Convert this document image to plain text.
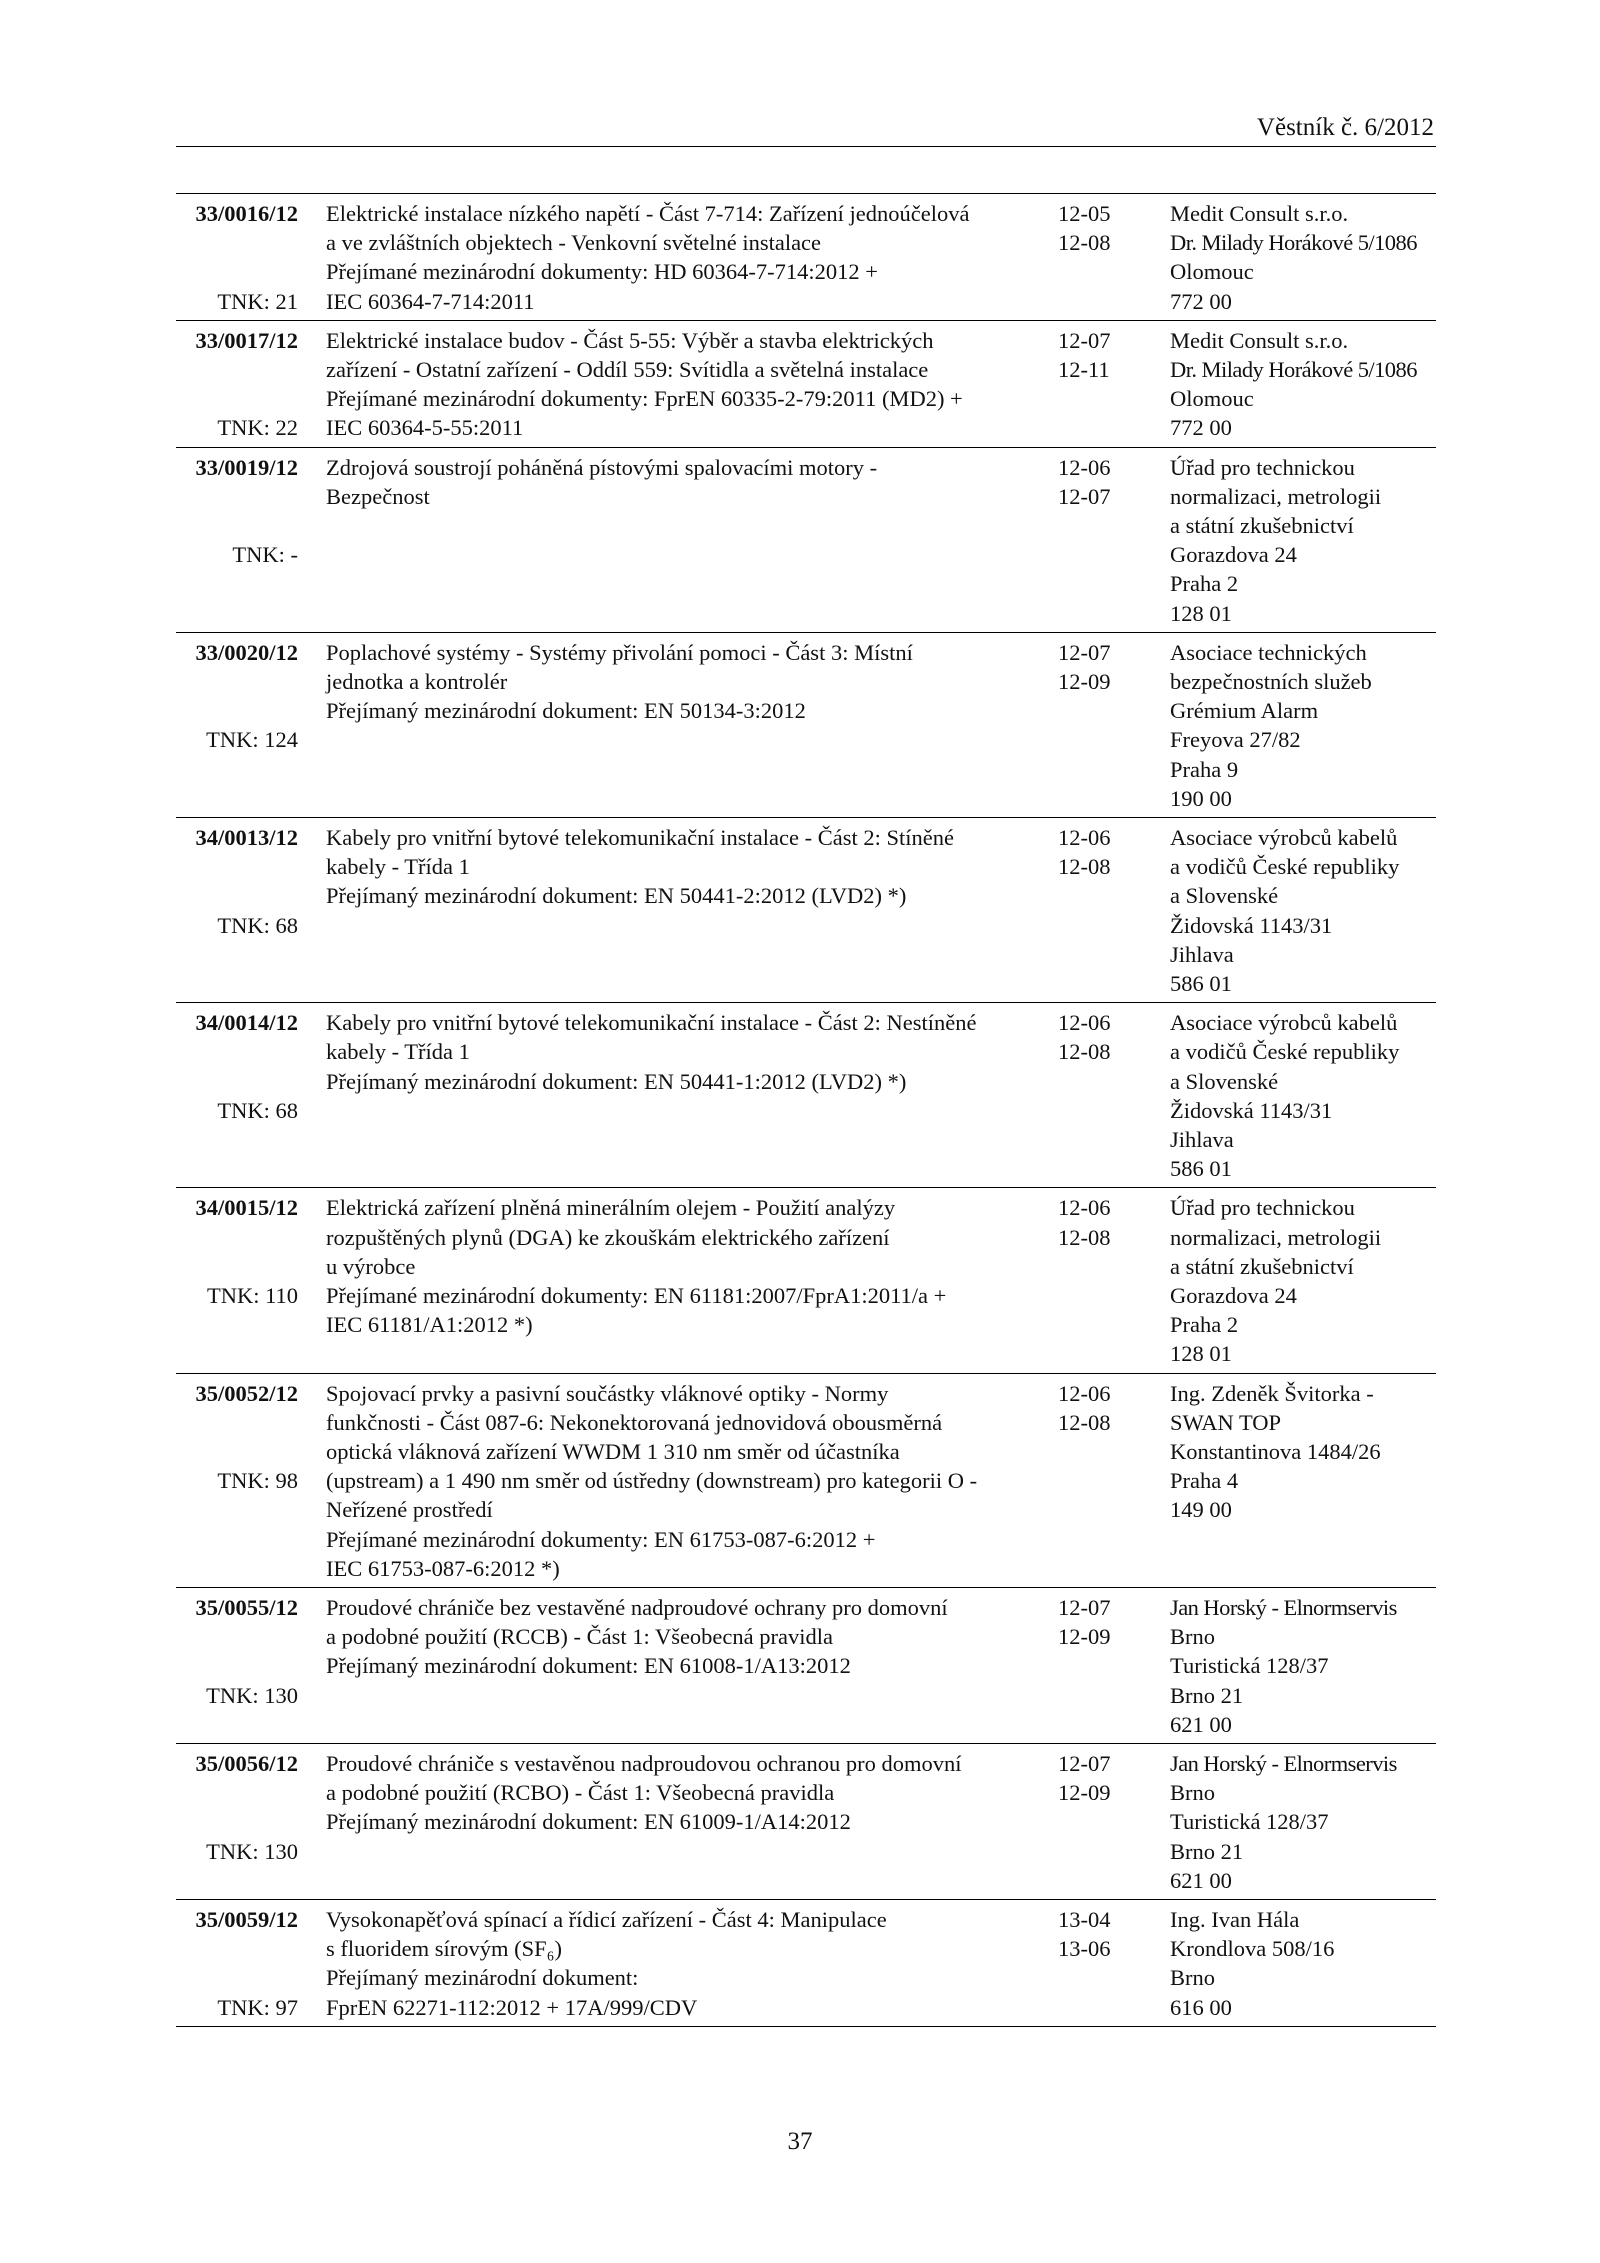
Věstník č. 6/2012
33/0016/12
TNK: 21
Elektrické instalace nízkého napětí - Část 7-714: Zařízení jednoúčelová
a ve zvláštních objektech - Venkovní světelné instalace
Přejímané mezinárodní dokumenty: HD 60364-7-714:2012 +
IEC 60364-7-714:2011
12-05
12-08
Medit Consult s.r.o.
Dr. Milady Horákové 5/1086
Olomouc
772 00
33/0017/12
TNK: 22
Elektrické instalace budov - Část 5-55: Výběr a stavba elektrických
zařízení - Ostatní zařízení - Oddíl 559: Svítidla a světelná instalace
Přejímané mezinárodní dokumenty: FprEN 60335-2-79:2011 (MD2) +
IEC 60364-5-55:2011
12-07
12-11
Medit Consult s.r.o.
Dr. Milady Horákové 5/1086
Olomouc
772 00
33/0019/12
TNK: -
Zdrojová soustrojí poháněná pístovými spalovacími motory -
Bezpečnost
12-06
12-07
Úřad pro technickou
normalizaci, metrologii
a státní zkušebnictví
Gorazdova 24
Praha 2
128 01
33/0020/12
TNK: 124
Poplachové systémy - Systémy přivolání pomoci - Část 3: Místní
jednotka a kontrolér
Přejímaný mezinárodní dokument: EN 50134-3:2012
12-07
12-09
Asociace technických
bezpečnostních služeb
Grémium Alarm
Freyova 27/82
Praha 9
190 00
34/0013/12
TNK: 68
Kabely pro vnitřní bytové telekomunikační instalace - Část 2: Stíněné
kabely - Třída 1
Přejímaný mezinárodní dokument: EN 50441-2:2012 (LVD2) *)
12-06
12-08
Asociace výrobců kabelů
a vodičů České republiky
a Slovenské
Židovská 1143/31
Jihlava
586 01
34/0014/12
TNK: 68
Kabely pro vnitřní bytové telekomunikační instalace - Část 2: Nestíněné
kabely - Třída 1
Přejímaný mezinárodní dokument: EN 50441-1:2012 (LVD2) *)
12-06
12-08
Asociace výrobců kabelů
a vodičů České republiky
a Slovenské
Židovská 1143/31
Jihlava
586 01
34/0015/12
TNK: 110
Elektrická zařízení plněná minerálním olejem - Použití analýzy
rozpuštěných plynů (DGA) ke zkouškám elektrického zařízení
u výrobce
Přejímané mezinárodní dokumenty: EN 61181:2007/FprA1:2011/a +
IEC 61181/A1:2012 *)
12-06
12-08
Úřad pro technickou
normalizaci, metrologii
a státní zkušebnictví
Gorazdova 24
Praha 2
128 01
35/0052/12
TNK: 98
Spojovací prvky a pasivní součástky vláknové optiky - Normy
funkčnosti - Část 087-6: Nekonektorovaná jednovidová obousměrná
optická vláknová zařízení WWDM 1 310 nm směr od účastníka
(upstream) a 1 490 nm směr od ústředny (downstream) pro kategorii O -
Neřízené prostředí
Přejímané mezinárodní dokumenty: EN 61753-087-6:2012 +
IEC 61753-087-6:2012 *)
12-06
12-08
Ing. Zdeněk Švitorka -
SWAN TOP
Konstantinova 1484/26
Praha 4
149 00
35/0055/12
TNK: 130
Proudové chrániče bez vestavěné nadproudové ochrany pro domovní
a podobné použití (RCCB) - Část 1: Všeobecná pravidla
Přejímaný mezinárodní dokument: EN 61008-1/A13:2012
12-07
12-09
Jan Horský - Elnormservis
Brno
Turistická 128/37
Brno 21
621 00
35/0056/12
TNK: 130
Proudové chrániče s vestavěnou nadproudovou ochranou pro domovní
a podobné použití (RCBO) - Část 1: Všeobecná pravidla
Přejímaný mezinárodní dokument: EN 61009-1/A14:2012
12-07
12-09
Jan Horský - Elnormservis
Brno
Turistická 128/37
Brno 21
621 00
35/0059/12
TNK: 97
Vysokonapěťová spínací a řídicí zařízení - Část 4: Manipulace
s fluoridem sírovým (SF₆)
Přejímaný mezinárodní dokument:
FprEN 62271-112:2012 + 17A/999/CDV
13-04
13-06
Ing. Ivan Hála
Krondlova 508/16
Brno
616 00
37
